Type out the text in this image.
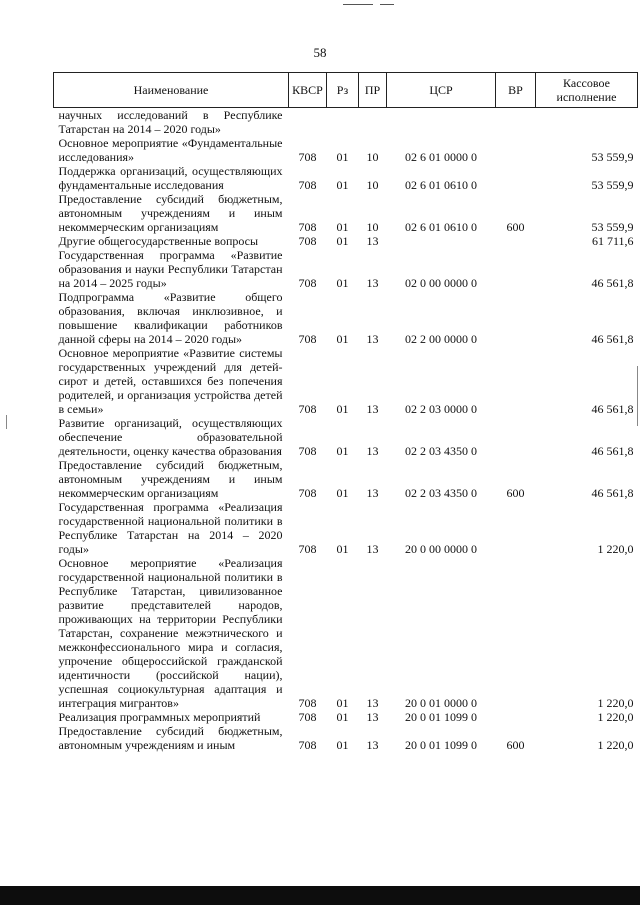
58
Наименование	КВСР	Рз	ПР	ЦСР	ВР	Кассовое исполнение
научных исследований в Республике Татарстан на 2014 – 2020 годы»						
Основное мероприятие «Фундаментальные исследования»	708	01	10	02 6 01 0000 0		53 559,9
Поддержка организаций, осуществляющих фундаментальные исследования	708	01	10	02 6 01 0610 0		53 559,9
Предоставление субсидий бюджетным, автономным учреждениям и иным некоммерческим организациям	708	01	10	02 6 01 0610 0	600	53 559,9
Другие общегосударственные вопросы	708	01	13			61 711,6
Государственная программа «Развитие образования и науки Республики Татарстан на 2014 – 2025 годы»	708	01	13	02 0 00 0000 0		46 561,8
Подпрограмма «Развитие общего образования, включая инклюзивное, и повышение квалификации работников данной сферы на 2014 – 2020 годы»	708	01	13	02 2 00 0000 0		46 561,8
Основное мероприятие «Развитие системы государственных учреждений для детей-сирот и детей, оставшихся без попечения родителей, и организация устройства детей в семьи»	708	01	13	02 2 03 0000 0		46 561,8
Развитие организаций, осуществляющих обеспечение образовательной деятельности, оценку качества образования	708	01	13	02 2 03 4350 0		46 561,8
Предоставление субсидий бюджетным, автономным учреждениям и иным некоммерческим организациям	708	01	13	02 2 03 4350 0	600	46 561,8
Государственная программа «Реализация государственной национальной политики в Республике Татарстан на 2014 – 2020 годы»	708	01	13	20 0 00 0000 0		1 220,0
Основное мероприятие «Реализация государственной национальной политики в Республике Татарстан, цивилизованное развитие представителей народов, проживающих на территории Республики Татарстан, сохранение межэтнического и межконфессионального мира и согласия, упрочение общероссийской гражданской идентичности (российской нации), успешная социокультурная адаптация и интеграция мигрантов»	708	01	13	20 0 01 0000 0		1 220,0
Реализация программных мероприятий	708	01	13	20 0 01 1099 0		1 220,0
Предоставление субсидий бюджетным, автономным учреждениям и иным	708	01	13	20 0 01 1099 0	600	1 220,0
